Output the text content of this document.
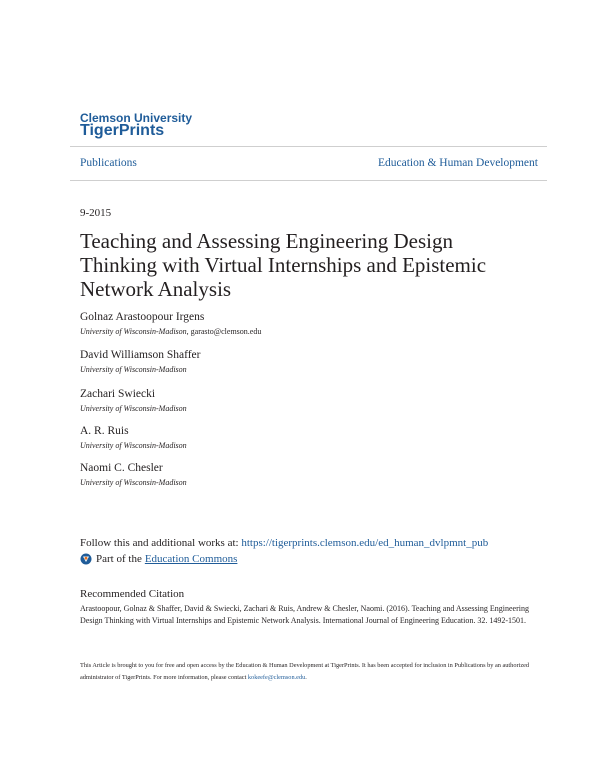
Clemson University
TigerPrints
Publications	Education & Human Development
9-2015
Teaching and Assessing Engineering Design Thinking with Virtual Internships and Epistemic Network Analysis
Golnaz Arastoopour Irgens
University of Wisconsin-Madison, garasto@clemson.edu
David Williamson Shaffer
University of Wisconsin-Madison
Zachari Swiecki
University of Wisconsin-Madison
A. R. Ruis
University of Wisconsin-Madison
Naomi C. Chesler
University of Wisconsin-Madison
Follow this and additional works at: https://tigerprints.clemson.edu/ed_human_dvlpmnt_pub
Part of the Education Commons
Recommended Citation
Arastoopour, Golnaz & Shaffer, David & Swiecki, Zachari & Ruis, Andrew & Chesler, Naomi. (2016). Teaching and Assessing Engineering Design Thinking with Virtual Internships and Epistemic Network Analysis. International Journal of Engineering Education. 32. 1492-1501.
This Article is brought to you for free and open access by the Education & Human Development at TigerPrints. It has been accepted for inclusion in Publications by an authorized administrator of TigerPrints. For more information, please contact kokeefe@clemson.edu.
